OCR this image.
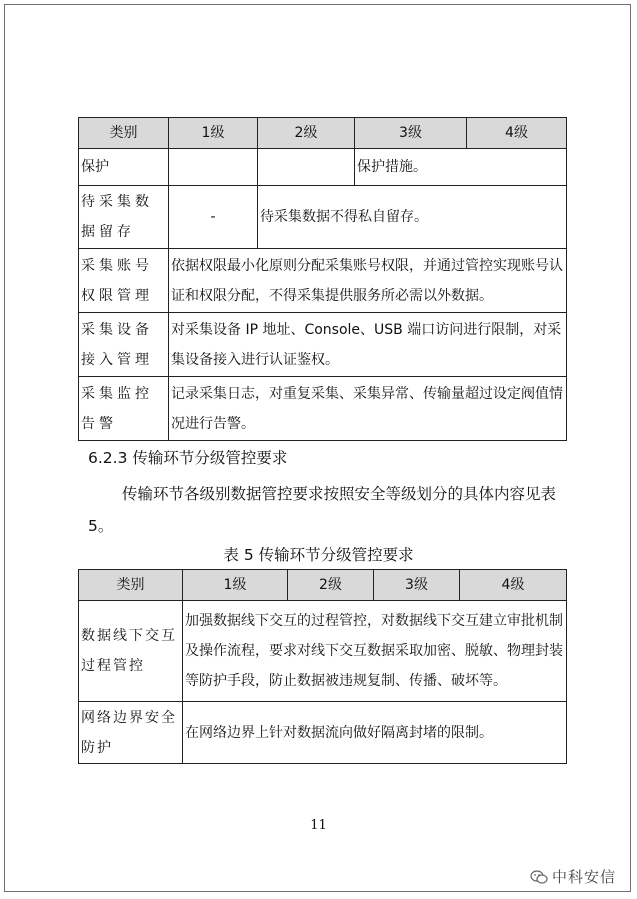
类别	1级	2级	3级	4级
保护			保护措施。	
待采集数据留存	-	待采集数据不得私自留存。		
采集账号权限管理	依据权限最小化原则分配采集账号权限，并通过管控实现账号认证和权限分配，不得采集提供服务所必需以外数据。			
采集设备接入管理	对采集设备 IP 地址、Console、USB 端口访问进行限制，对采集设备接入进行认证鉴权。			
采集监控告警	记录采集日志，对重复采集、采集异常、传输量超过设定阀值情况进行告警。			
6.2.3 传输环节分级管控要求
传输环节各级别数据管控要求按照安全等级划分的具体内容见表 5。
表 5 传输环节分级管控要求
类别	1级	2级	3级	4级
数据线下交互过程管控	加强数据线下交互的过程管控，对数据线下交互建立审批机制及操作流程，要求对线下交互数据采取加密、脱敏、物理封装等防护手段，防止数据被违规复制、传播、破坏等。			
网络边界安全防护	在网络边界上针对数据流向做好隔离封堵的限制。			
11
中科安信
